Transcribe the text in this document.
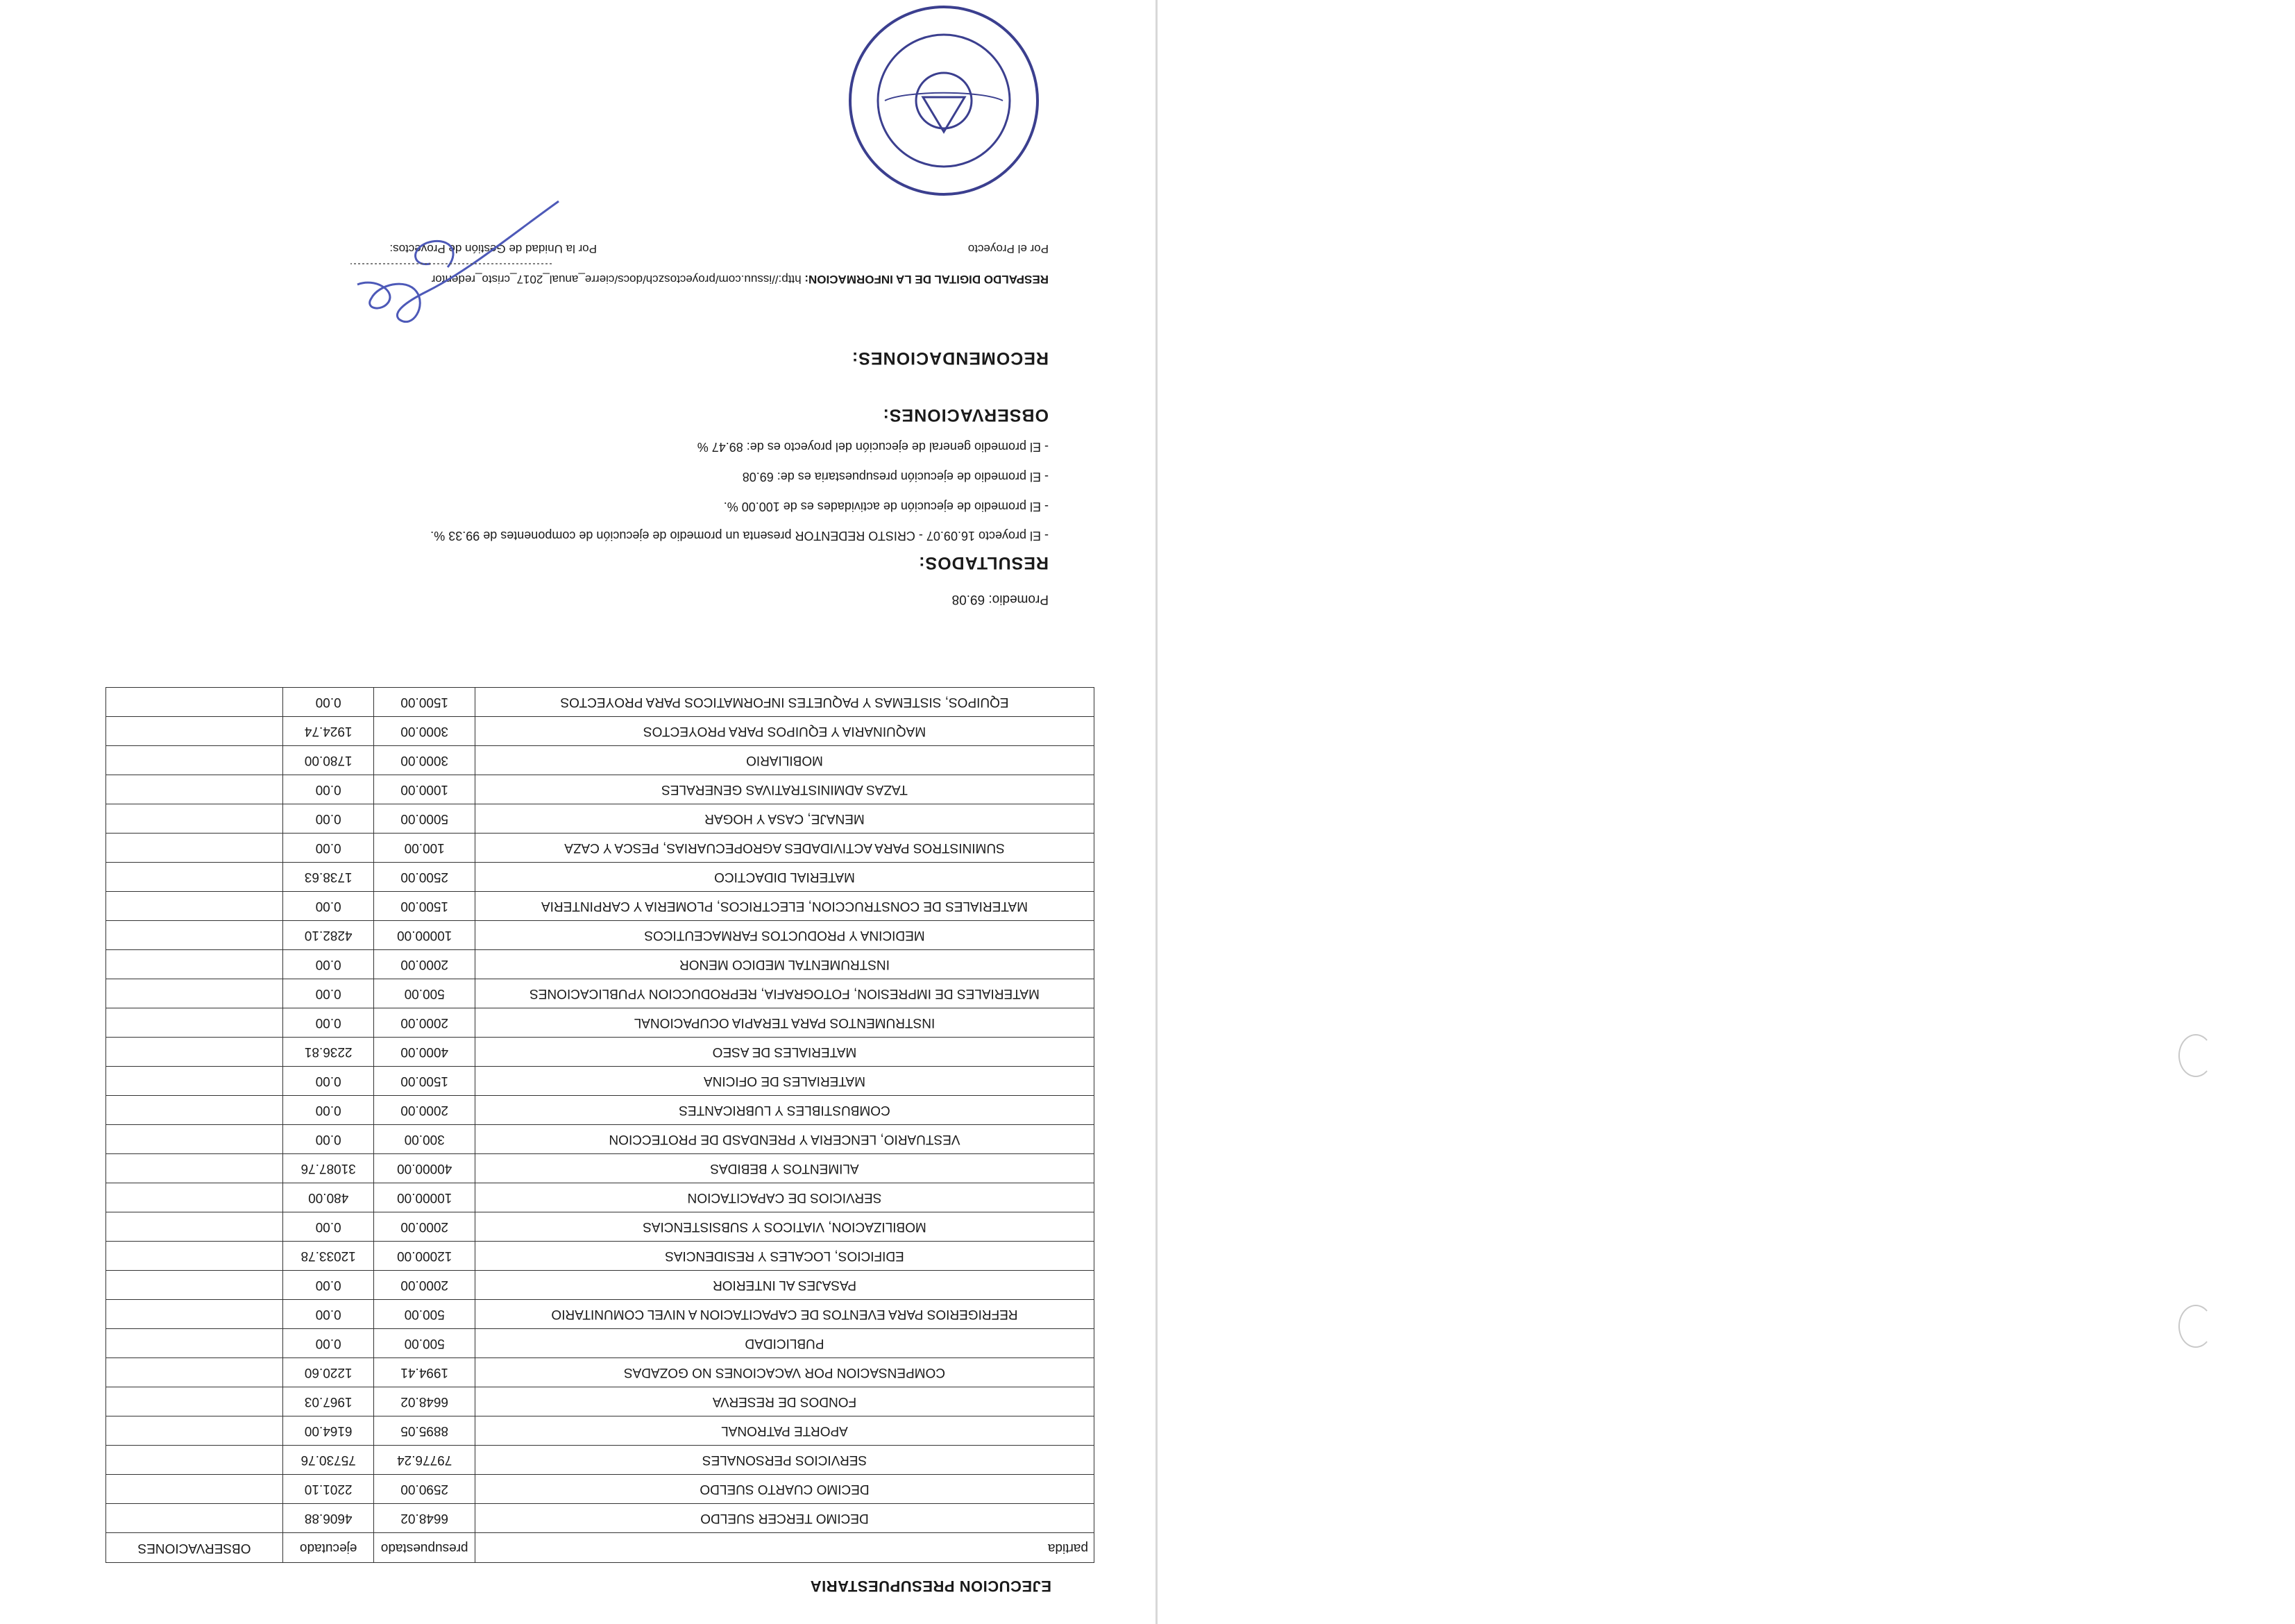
EJECUCION PRESUPUESTARIA
partida	presupuestado	ejecutado	OBSERVACIONES
DECIMO TERCER SUELDO	6648.02	4606.88	
DECIMO CUARTO SUELDO	2590.00	2201.10	
SERVICIOS PERSONALES	79776.24	75730.76	
APORTE PATRONAL	8895.05	6164.00	
FONDOS DE RESERVA	6648.02	1967.03	
COMPENSACION POR VACACIONES NO GOZADAS	1994.41	1220.60	
PUBLICIDAD	500.00	0.00	
REFRIGERIOS PARA EVENTOS DE CAPACITACION A NIVEL COMUNITARIO	500.00	0.00	
PASAJES AL INTERIOR	2000.00	0.00	
EDIFICIOS, LOCALES Y RESIDENCIAS	12000.00	12033.78	
MOBILIZACION, VIATICOS Y SUBSISTENCIAS	2000.00	0.00	
SERVICIOS DE CAPACITACION	10000.00	480.00	
ALIMENTOS Y BEBIDAS	40000.00	31087.76	
VESTUARIO, LENCERIA Y PRENDASD DE PROTECCION	300.00	0.00	
COMBUSTIBLES Y LUBRICANTES	2000.00	0.00	
MATERIALES DE OFICINA	1500.00	0.00	
MATERIALES DE ASEO	4000.00	2236.81	
INSTRUMENTOS PARA TERAPIA OCUPACIONAL	2000.00	0.00	
MATERIALES DE IMPRESION, FOTOGRAFIA, REPRODUCCION YPUBLICACIONES	500.00	0.00	
INSTRUMENTAL MEDICO MENOR	2000.00	0.00	
MEDICINA Y PRODUCTOS FARMACEUTICOS	10000.00	4282.10	
MATERIALES DE CONSTRUCCION, ELECTRICOS, PLOMERIA Y CARPINTERIA	1500.00	0.00	
MATERIAL DIDACTICO	2500.00	1738.63	
SUMINISTROS PARA ACTIVIDADES AGROPECUARIAS, PESCA Y CAZA	100.00	0.00	
MENAJE, CASA Y HOGAR	5000.00	0.00	
TAZAS ADMINISTRATIVAS GENERALES	1000.00	0.00	
MOBILIARIO	3000.00	1780.00	
MAQUINARIA Y EQUIPOS PARA PROYECTOS	3000.00	1924.74	
EQUIPOS, SISTEMAS Y PAQUETES INFORMATICOS PARA PROYECTOS	1500.00	0.00	
Promedio: 69.08
RESULTADOS:
- El proyecto 16.09.07 - CRISTO REDENTOR presenta un promedio de ejecución de componentes de 99.33 %.
- El promedio de ejecución de actividades es de 100.00 %.
- El promedio de ejecución presupuestaria es de: 69.08
- El promedio general de ejecución del proyecto es de: 89.47 %
OBSERVACIONES:
RECOMENDACIONES:
RESPALDO DIGITAL DE LA INFORMACION: http://issuu.com/proyectoszch/docs/cierre_anual_2017_cristo_redentor
Por el Proyecto
Por la Unidad de Gestión de Proyectos:
